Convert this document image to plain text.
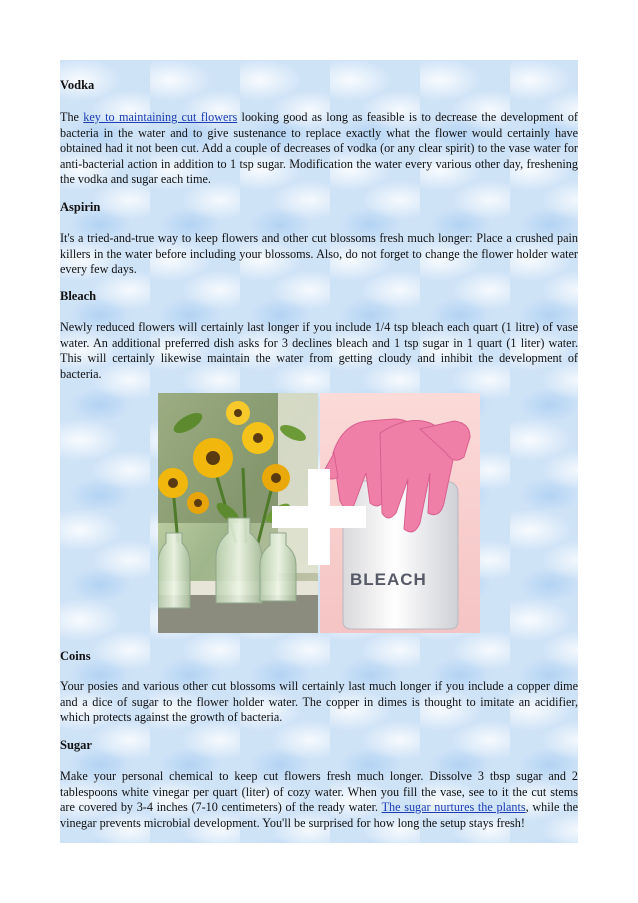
Vodka

The key to maintaining cut flowers looking good as long as feasible is to decrease the development of bacteria in the water and to give sustenance to replace exactly what the flower would certainly have obtained had it not been cut. Add a couple of decreases of vodka (or any clear spirit) to the vase water for anti-bacterial action in addition to 1 tsp sugar. Modification the water every various other day, freshening the vodka and sugar each time.

Aspirin

It's a tried-and-true way to keep flowers and other cut blossoms fresh much longer: Place a crushed pain killers in the water before including your blossoms. Also, do not forget to change the flower holder water every few days.

Bleach

Newly reduced flowers will certainly last longer if you include 1/4 tsp bleach each quart (1 litre) of vase water. An additional preferred dish asks for 3 declines bleach and 1 tsp sugar in 1 quart (1 liter) water. This will certainly likewise maintain the water from getting cloudy and inhibit the development of bacteria.

BLEACH
Coins

Your posies and various other cut blossoms will certainly last much longer if you include a copper dime and a dice of sugar to the flower holder water. The copper in dimes is thought to imitate an acidifier, which protects against the growth of bacteria.

Sugar

Make your personal chemical to keep cut flowers fresh much longer. Dissolve 3 tbsp sugar and 2 tablespoons white vinegar per quart (liter) of cozy water. When you fill the vase, see to it the cut stems are covered by 3-4 inches (7-10 centimeters) of the ready water. The sugar nurtures the plants, while the vinegar prevents microbial development. You'll be surprised for how long the setup stays fresh!
